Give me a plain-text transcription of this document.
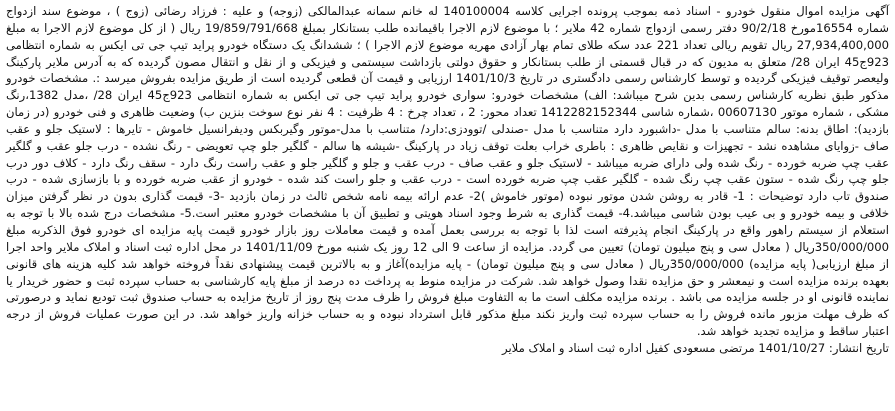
آگهی مزایده اموال منقول خودرو - اسناد ذمه بموجب پرونده اجرایی کلاسه 140100004 له خانم سمانه عبدالمالکی (زوجه) و علیه : فرزاد رضائی (زوج ) ، موضوع سند ازدواج شماره 16554مورخ 90/2/18 دفتر رسمی ازدواج شماره 42 ملایر ؛ با موضوع لازم الاجرا باقیمانده طلب بستانکار بمبلغ 19/859/791/668 ریال ( از کل موضوع لازم الاجرا به مبلغ 27,934,400,000 ریال تقویم ریالی تعداد 221 عدد سکه طلای تمام بهار آزادی مهریه موضوع لازم الاجرا ) ؛ ششدانگ یک دستگاه خودرو پراید تیپ جی تی ایکس به شماره انتظامی 923ج45 ایران 28/ متعلق به مدیون که در قبال قسمتی از طلب بستانکار و حقوق دولتی بازداشت سیستمی و فیزیکی و از نقل و انتقال مصون گردیده که به آدرس ملایر پارکینگ ولیعصر توقیف فیزیکی گردیده و توسط کارشناس رسمی دادگستری در تاریخ 1401/10/3 ارزیابی و قیمت آن قطعی گردیده است از طریق مزایده بفروش میرسد :. مشخصات خودرو مذکور طبق نظریه کارشناس رسمی بدین شرح میباشد: الف) مشخصات خودرو: سواری خودرو پراید تیپ جی تی ایکس به شماره انتظامی 923ج45 ایران 28/ ،مدل 1382،رنگ مشکی ، شماره موتور 00607130 ،شماره شاسی 1412282152344 تعداد محور: 2 ، تعداد چرخ : 4 ظرفیت : 4 نفر نوع سوخت بنزین ب) وضعیت ظاهری و فنی خودرو (در زمان بازدید): اطاق بدنه: سالم متناسب با مدل -داشبورد دارد متناسب با مدل -صندلی /توودزی:دارد/ متناسب با مدل-موتور وگیربکس ودیفرانسیل خاموش - تایرها : لاستیک جلو و عقب صاف -زوایای مشاهده نشد - تجهیزات و نقایص ظاهری : باطری خراب بعلت توقف زیاد در پارکینگ -شیشه ها سالم - گلگیر جلو چپ تعویضی - رنگ نشده - درب جلو عقب و گلگیر عقب چپ ضربه خورده - رنگ شده ولی دارای ضربه میباشد - لاستیک جلو و عقب صاف - درب عقب و جلو و گلگیر جلو و عقب راست رنگ دارد - سقف رنگ دارد - کلاف دور درب جلو چپ رنگ شده - ستون عقب چپ رنگ شده - گلگیر عقب چپ ضربه خورده است - درب عقب و جلو راست کند شده - خودرو از عقب ضربه خورده و با بازسازی شده - درب صندوق تاب دارد توضیحات : 1- قادر به روشن شدن موتور نبوده (موتور خاموش )2- عدم ارائه بیمه نامه شخص ثالث در زمان بازدید -3- قیمت گذاری بدون در نظر گرفتن میزان خلافی و بیمه خودرو و بی عیب بودن شاسی میباشد.4- قیمت گذاری به شرط وجود اسناد هویتی و تطبیق آن با مشخصات خودرو معتبر است.5- مشخصات درج شده بالا با توجه به استعلام از سیستم راهور واقع در پارکینگ انجام پذیرفته است لذا با توجه به بررسی بعمل آمده و قیمت معاملات روز بازار خودرو قیمت پایه مزایده ای خودرو فوق الذکربه مبلغ 350/000/000ریال ( معادل سی و پنج میلیون تومان) تعیین می گردد. مزایده از ساعت 9 الی 12 روز یک شنبه مورخ 1401/11/09 در محل اداره ثبت اسناد و املاک ملایر واحد اجرا از مبلغ ارزیابی( پایه مزایده) 350/000/000ریال ( معادل سی و پنج میلیون تومان) - پایه مزایده)آغاز و به بالاترین قیمت پیشنهادی نقداً فروخته خواهد شد کلیه هزینه های قانونی بعهده برنده مزایده است و نیمعشر و حق مزایده نقدا وصول خواهد شد. شرکت در مزایده منوط به پرداخت ده درصد از مبلغ پایه کارشناسی به حساب سپرده ثبت و حضور خریدار یا نماینده قانونی او در جلسه مزایده می باشد . برنده مزایده مکلف است ما به التفاوت مبلغ فروش را ظرف مدت پنج روز از تاریخ مزایده به حساب صندوق ثبت تودیع نماید و درصورتی که ظرف مهلت مزبور مانده فروش را به حساب سپرده ثبت واریز نکند مبلغ مذکور قابل استرداد نبوده و به حساب خزانه واریز خواهد شد. در این صورت عملیات فروش از درجه اعتبار ساقط و مزایده تجدید خواهد شد.

تاریخ انتشار: 1401/10/27 مرتضی مسعودی کفیل اداره ثبت اسناد و املاک ملایر
